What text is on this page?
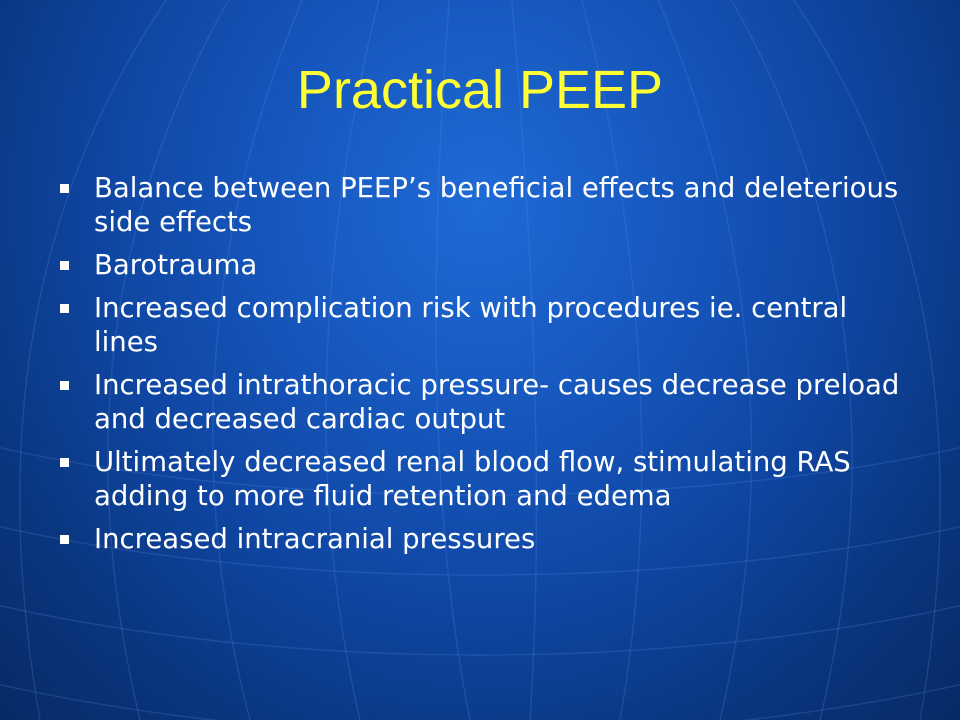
Practical PEEP
Balance between PEEP’s beneficial effects and deleterious side effects
Barotrauma
Increased complication risk with procedures ie. central lines
Increased intrathoracic pressure- causes decrease preload and decreased cardiac output
Ultimately decreased renal blood flow, stimulating RAS adding to more fluid retention and edema
Increased intracranial pressures
